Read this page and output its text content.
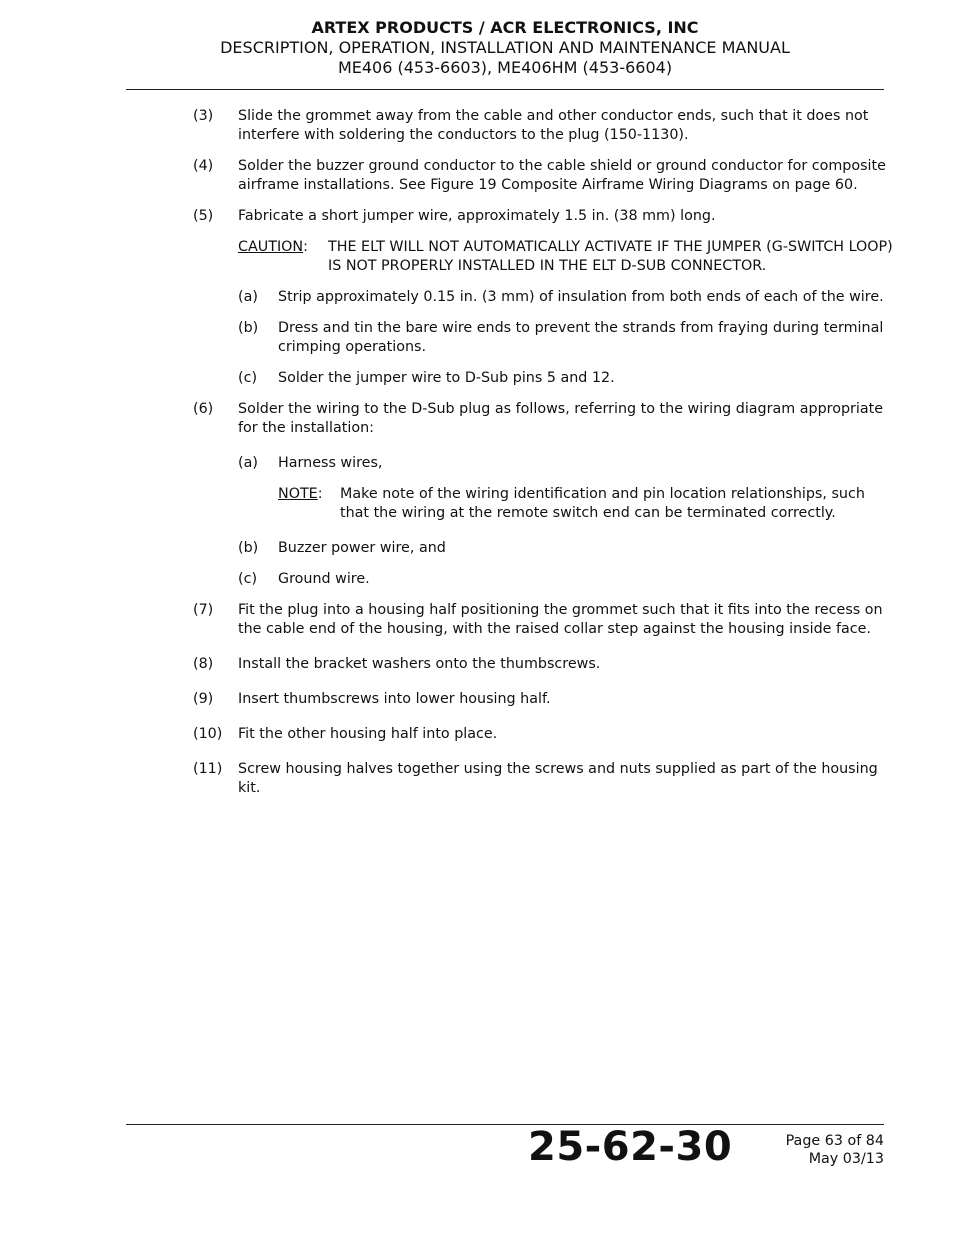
ARTEX PRODUCTS / ACR ELECTRONICS, INC
DESCRIPTION, OPERATION, INSTALLATION AND MAINTENANCE MANUAL
ME406 (453-6603), ME406HM (453-6604)
(3) Slide the grommet away from the cable and other conductor ends, such that it does not interfere with soldering the conductors to the plug (150-1130).
(4) Solder the buzzer ground conductor to the cable shield or ground conductor for composite airframe installations. See Figure 19 Composite Airframe Wiring Diagrams on page 60.
(5) Fabricate a short jumper wire, approximately 1.5 in. (38 mm) long.
CAUTION: THE ELT WILL NOT AUTOMATICALLY ACTIVATE IF THE JUMPER (G-SWITCH LOOP) IS NOT PROPERLY INSTALLED IN THE ELT D-SUB CONNECTOR.
(a) Strip approximately 0.15 in. (3 mm) of insulation from both ends of each of the wire.
(b) Dress and tin the bare wire ends to prevent the strands from fraying during terminal crimping operations.
(c) Solder the jumper wire to D-Sub pins 5 and 12.
(6) Solder the wiring to the D-Sub plug as follows, referring to the wiring diagram appropriate for the installation:
(a) Harness wires,
NOTE: Make note of the wiring identification and pin location relationships, such that the wiring at the remote switch end can be terminated correctly.
(b) Buzzer power wire, and
(c) Ground wire.
(7) Fit the plug into a housing half positioning the grommet such that it fits into the recess on the cable end of the housing, with the raised collar step against the housing inside face.
(8) Install the bracket washers onto the thumbscrews.
(9) Insert thumbscrews into lower housing half.
(10) Fit the other housing half into place.
(11) Screw housing halves together using the screws and nuts supplied as part of the housing kit.
25-62-30	Page 63 of 84
May 03/13
